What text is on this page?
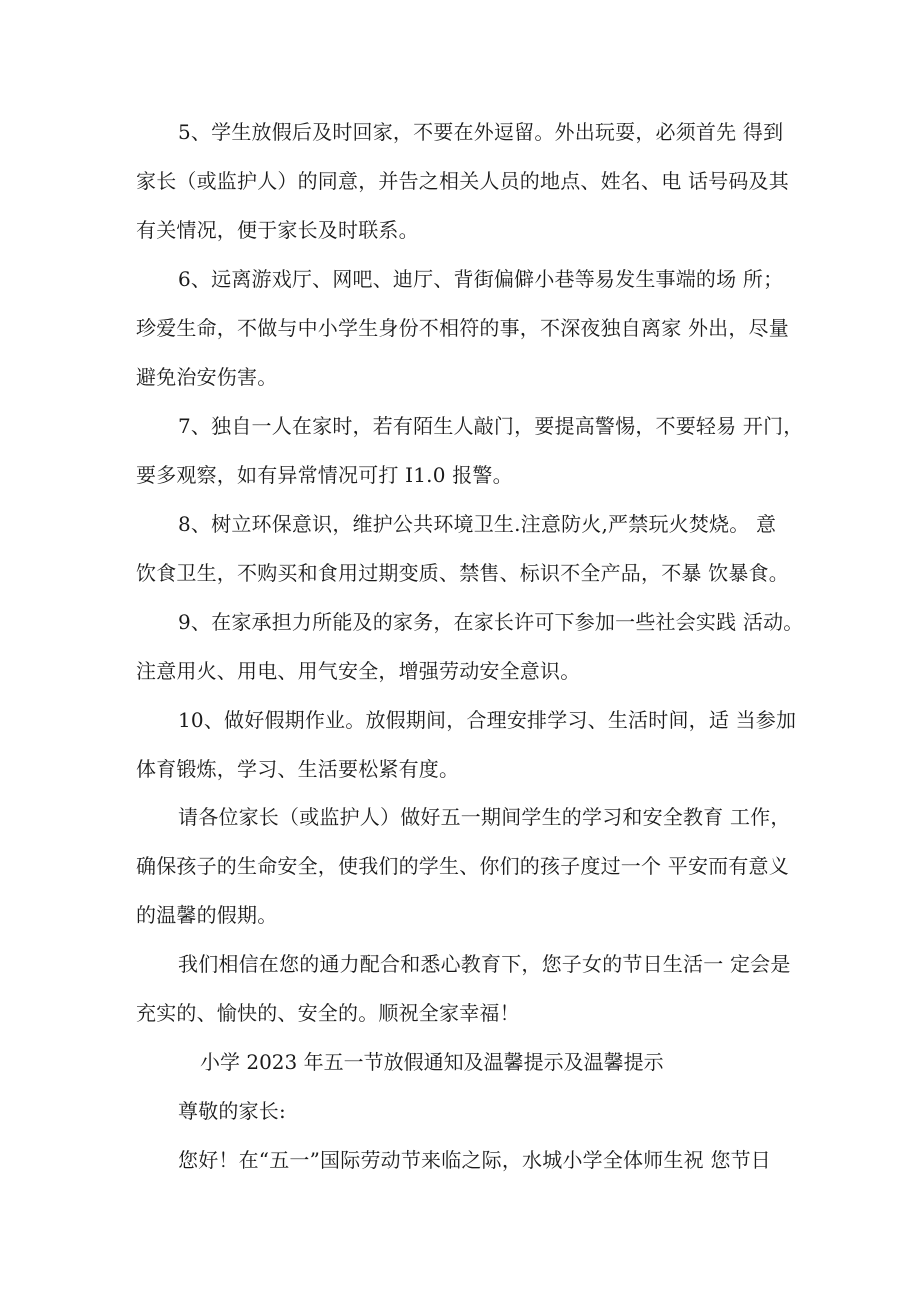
5、学生放假后及时回家，不要在外逗留。外出玩耍，必须首先 得到
家长（或监护人）的同意，并告之相关人员的地点、姓名、电 话号码及其
有关情况，便于家长及时联系。
6、远离游戏厅、网吧、迪厅、背街偏僻小巷等易发生事端的场 所；
珍爱生命，不做与中小学生身份不相符的事，不深夜独自离家 外出，尽量
避免治安伤害。
7、独自一人在家时，若有陌生人敲门，要提高警惕，不要轻易 开门，
要多观察，如有异常情况可打 I1.0 报警。
8、树立环保意识，维护公共环境卫生.注意防火,严禁玩火焚烧。 意
饮食卫生，不购买和食用过期变质、禁售、标识不全产品，不暴 饮暴食。
9、在家承担力所能及的家务，在家长许可下参加一些社会实践 活动。
注意用火、用电、用气安全，增强劳动安全意识。
10、做好假期作业。放假期间，合理安排学习、生活时间，适 当参加
体育锻炼，学习、生活要松紧有度。
请各位家长（或监护人）做好五一期间学生的学习和安全教育 工作，
确保孩子的生命安全，使我们的学生、你们的孩子度过一个 平安而有意义
的温馨的假期。
我们相信在您的通力配合和悉心教育下，您子女的节日生活一 定会是
充实的、愉快的、安全的。顺祝全家幸福！
小学 2023 年五一节放假通知及温馨提示及温馨提示
尊敬的家长:
您好！在“五一”国际劳动节来临之际，水城小学全体师生祝 您节日
